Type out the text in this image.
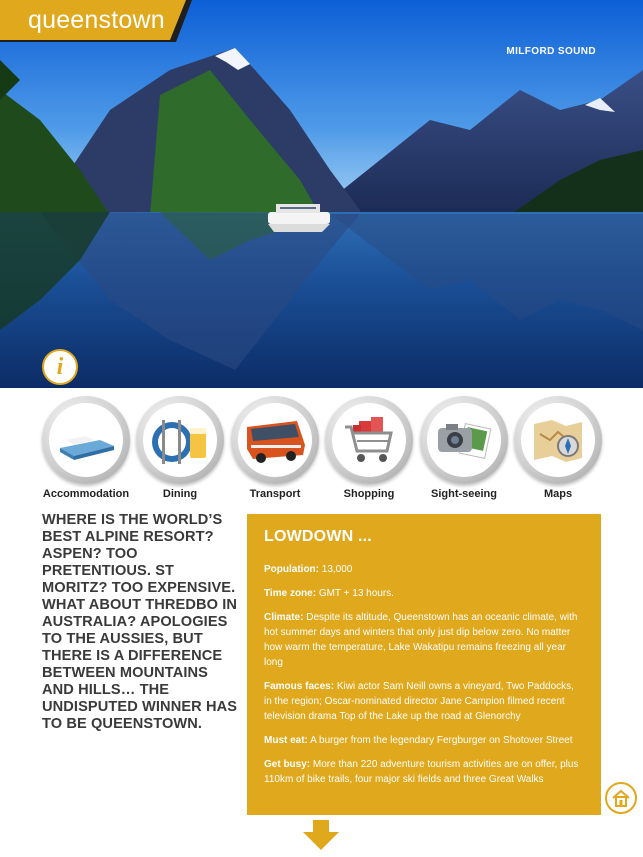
queenstown
MILFORD SOUND
i
Accommodation	Dining	Transport	Shopping	Sight-seeing	Maps

WHERE IS THE WORLD’S BEST ALPINE RESORT? ASPEN? TOO PRETENTIOUS. ST MORITZ? TOO EXPENSIVE. WHAT ABOUT THREDBO IN AUSTRALIA? APOLOGIES TO THE AUSSIES, BUT THERE IS A DIFFERENCE BETWEEN MOUNTAINS AND HILLS… THE UNDISPUTED WINNER HAS TO BE QUEENSTOWN.

LOWDOWN ...

Population: 13,000

Time zone: GMT + 13 hours.

Climate: Despite its altitude, Queenstown has an oceanic climate, with hot summer days and winters that only just dip below zero. No matter how warm the temperature, Lake Wakatipu remains freezing all year long

Famous faces: Kiwi actor Sam Neill owns a vineyard, Two Paddocks, in the region; Oscar-nominated director Jane Campion filmed recent television drama Top of the Lake up the road at Glenorchy

Must eat: A burger from the legendary Fergburger on Shotover Street

Get busy: More than 220 adventure tourism activities are on offer, plus 110km of bike trails, four major ski fields and three Great Walks
